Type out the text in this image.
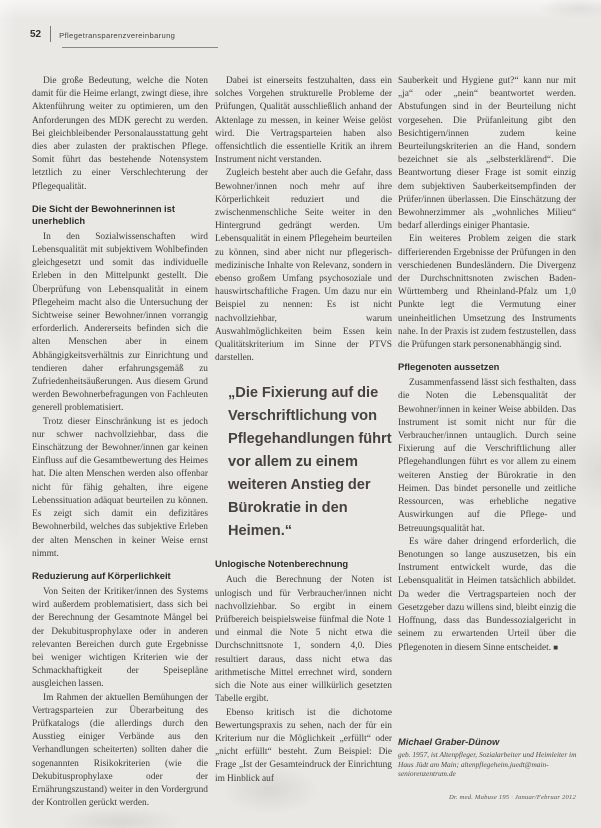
52 Pflegetransparenzvereinbarung

Die große Bedeutung, welche die Noten damit für die Heime erlangt, zwingt diese, ihre Aktenführung weiter zu optimieren, um den Anforderungen des MDK gerecht zu werden. Bei gleichbleibender Personalausstattung geht dies aber zulasten der praktischen Pflege. Somit führt das bestehende Notensystem letztlich zu einer Verschlechterung der Pflegequalität.

Die Sicht der Bewohnerinnen ist unerheblich

In den Sozialwissenschaften wird Lebensqualität mit subjektivem Wohlbefinden gleichgesetzt und somit das individuelle Erleben in den Mittelpunkt gestellt. Die Überprüfung von Lebensqualität in einem Pflegeheim macht also die Untersuchung der Sichtweise seiner Bewohner/innen vorrangig erforderlich. Andererseits befinden sich die alten Menschen aber in einem Abhängigkeitsverhältnis zur Einrichtung und tendieren daher erfahrungsgemäß zu Zufriedenheitsäußerungen. Aus diesem Grund werden Bewohnerbefragungen von Fachleuten generell problematisiert.

Trotz dieser Einschränkung ist es jedoch nur schwer nachvollziehbar, dass die Einschätzung der Bewohner/innen gar keinen Einfluss auf die Gesamtbewertung des Heimes hat. Die alten Menschen werden also offenbar nicht für fähig gehalten, ihre eigene Lebenssituation adäquat beurteilen zu können. Es zeigt sich damit ein defizitäres Bewohnerbild, welches das subjektive Erleben der alten Menschen in keiner Weise ernst nimmt.

Reduzierung auf Körperlichkeit

Von Seiten der Kritiker/innen des Systems wird außerdem problematisiert, dass sich bei der Berechnung der Gesamtnote Mängel bei der Dekubitusprophylaxe oder in anderen relevanten Bereichen durch gute Ergebnisse bei weniger wichtigen Kriterien wie der Schmackhaftigkeit der Speisepläne ausgleichen lassen.

Im Rahmen der aktuellen Bemühungen der Vertragsparteien zur Überarbeitung des Prüfkatalogs (die allerdings durch den Ausstieg einiger Verbände aus den Verhandlungen scheiterten) sollten daher die sogenannten Risikokriterien (wie die Dekubitusprophylaxe oder der Ernährungszustand) weiter in den Vordergrund der Kontrollen gerückt werden.

Dabei ist einerseits festzuhalten, dass ein solches Vorgehen strukturelle Probleme der Prüfungen, Qualität ausschließlich anhand der Aktenlage zu messen, in keiner Weise gelöst wird. Die Vertragsparteien haben also offensichtlich die essentielle Kritik an ihrem Instrument nicht verstanden.

Zugleich besteht aber auch die Gefahr, dass Bewohner/innen noch mehr auf ihre Körperlichkeit reduziert und die zwischenmenschliche Seite weiter in den Hintergrund gedrängt werden. Um Lebensqualität in einem Pflegeheim beurteilen zu können, sind aber nicht nur pflegerisch-medizinische Inhalte von Relevanz, sondern in ebenso großem Umfang psychosoziale und hauswirtschaftliche Fragen. Um dazu nur ein Beispiel zu nennen: Es ist nicht nachvollziehbar, warum Auswahlmöglichkeiten beim Essen kein Qualitätskriterium im Sinne der PTVS darstellen.

„Die Fixierung auf die Verschriftlichung von Pflegehandlungen führt vor allem zu einem weiteren Anstieg der Bürokratie in den Heimen.“
Unlogische Notenberechnung

Auch die Berechnung der Noten ist unlogisch und für Verbraucher/innen nicht nachvollziehbar. So ergibt in einem Prüfbereich beispielsweise fünfmal die Note 1 und einmal die Note 5 nicht etwa die Durchschnittsnote 1, sondern 4,0. Dies resultiert daraus, dass nicht etwa das arithmetische Mittel errechnet wird, sondern sich die Note aus einer willkürlich gesetzten Tabelle ergibt.

Ebenso kritisch ist die dichotome Bewertungspraxis zu sehen, nach der für ein Kriterium nur die Möglichkeit „erfüllt“ oder „nicht erfüllt“ besteht. Zum Beispiel: Die Frage „Ist der Gesamteindruck der Einrichtung im Hinblick auf

Sauberkeit und Hygiene gut?“ kann nur mit „ja“ oder „nein“ beantwortet werden. Abstufungen sind in der Beurteilung nicht vorgesehen. Die Prüfanleitung gibt den Besichtigern/innen zudem keine Beurteilungskriterien an die Hand, sondern bezeichnet sie als „selbsterklärend“. Die Beantwortung dieser Frage ist somit einzig dem subjektiven Sauberkeitsempfinden der Prüfer/innen überlassen. Die Einschätzung der Bewohnerzimmer als „wohnliches Milieu“ bedarf allerdings einiger Phantasie.

Ein weiteres Problem zeigen die stark differierenden Ergebnisse der Prüfungen in den verschiedenen Bundesländern. Die Divergenz der Durchschnittsnoten zwischen Baden-Württemberg und Rheinland-Pfalz um 1,0 Punkte legt die Vermutung einer uneinheitlichen Umsetzung des Instruments nahe. In der Praxis ist zudem festzustellen, dass die Prüfungen stark personenabhängig sind.

Pflegenoten aussetzen

Zusammenfassend lässt sich festhalten, dass die Noten die Lebensqualität der Bewohner/innen in keiner Weise abbilden. Das Instrument ist somit nicht nur für die Verbraucher/innen untauglich. Durch seine Fixierung auf die Verschriftlichung aller Pflegehandlungen führt es vor allem zu einem weiteren Anstieg der Bürokratie in den Heimen. Das bindet personelle und zeitliche Ressourcen, was erhebliche negative Auswirkungen auf die Pflege- und Betreuungsqualität hat.

Es wäre daher dringend erforderlich, die Benotungen so lange auszusetzen, bis ein Instrument entwickelt wurde, das die Lebensqualität in Heimen tatsächlich abbildet. Da weder die Vertragsparteien noch der Gesetzgeber dazu willens sind, bleibt einzig die Hoffnung, dass das Bundessozialgericht in seinem zu erwartenden Urteil über die Pflegenoten in diesem Sinne entscheidet. ■

Michael Graber-Dünow

geb. 1957, ist Altenpfleger, Sozialarbeiter und Heimleiter im Haus Jüdt am Main; altenpflegeheim.juedt@main-seniorenzentrum.de

Dr. med. Mabuse 195 · Januar/Februar 2012
